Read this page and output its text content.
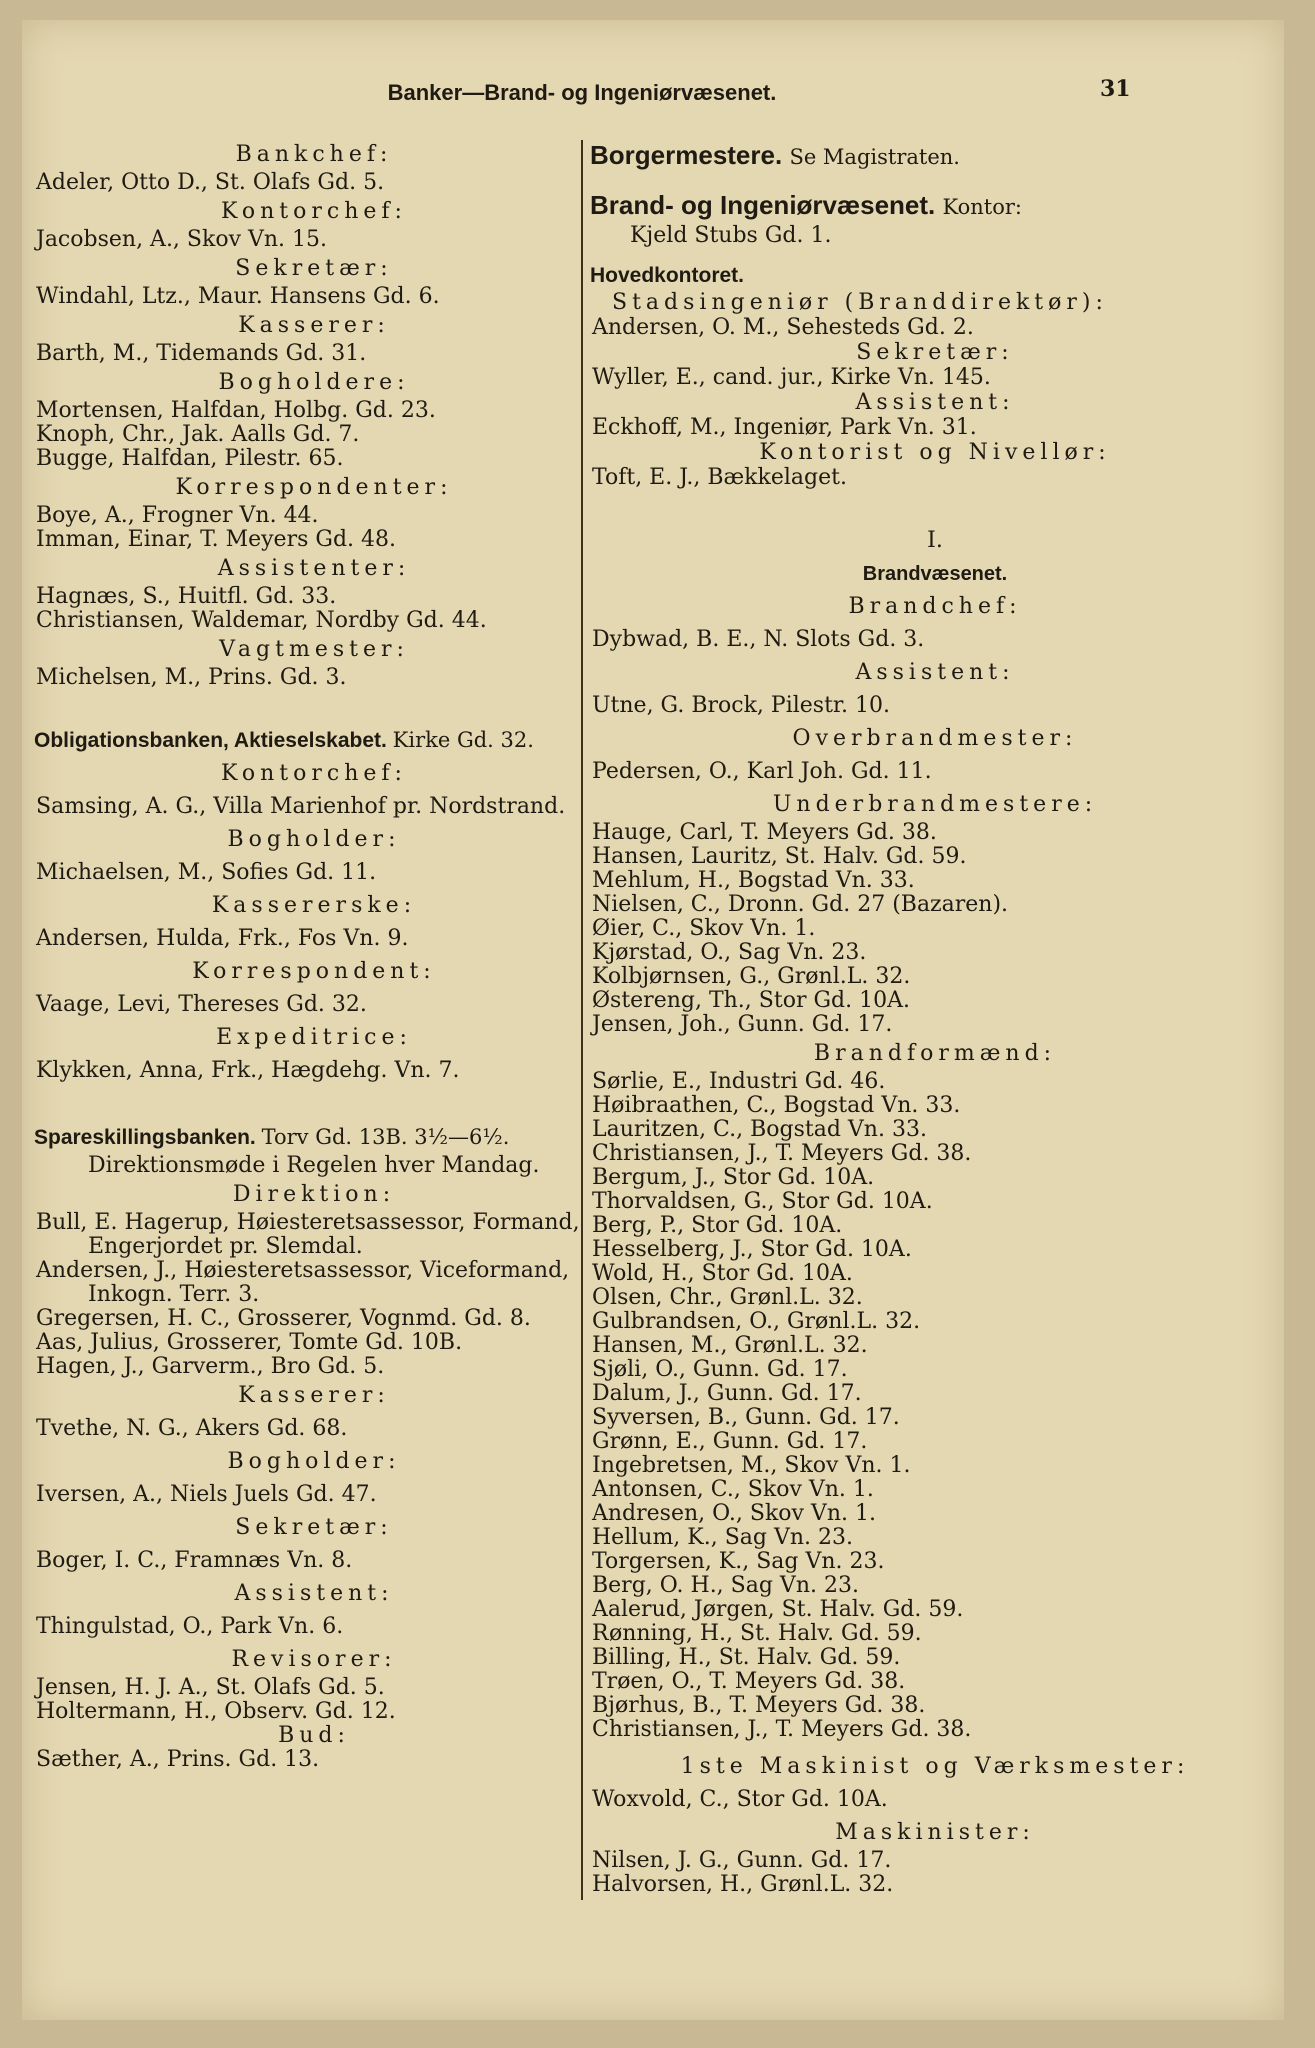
Banker—Brand- og Ingeniørvæsenet.	31
Bankchef:
Adeler, Otto D., St. Olafs Gd. 5.
Kontorchef:
Jacobsen, A., Skov Vn. 15.
Sekretær:
Windahl, Ltz., Maur. Hansens Gd. 6.
Kasserer:
Barth, M., Tidemands Gd. 31.
Bogholdere:
Mortensen, Halfdan, Holbg. Gd. 23.
Knoph, Chr., Jak. Aalls Gd. 7.
Bugge, Halfdan, Pilestr. 65.
Korrespondenter:
Boye, A., Frogner Vn. 44.
Imman, Einar, T. Meyers Gd. 48.
Assistenter:
Hagnæs, S., Huitfl. Gd. 33.
Christiansen, Waldemar, Nordby Gd. 44.
Vagtmester:
Michelsen, M., Prins. Gd. 3.
Obligationsbanken, Aktieselskabet. Kirke Gd. 32.
Kontorchef:
Samsing, A. G., Villa Marienhof pr. Nordstrand.
Bogholder:
Michaelsen, M., Sofies Gd. 11.
Kassererske:
Andersen, Hulda, Frk., Fos Vn. 9.
Korrespondent:
Vaage, Levi, Thereses Gd. 32.
Expeditrice:
Klykken, Anna, Frk., Hægdehg. Vn. 7.
Spareskillingsbanken. Torv Gd. 13B. 3½—6½.
Direktionsmøde i Regelen hver Mandag.
Direktion:
Bull, E. Hagerup, Høiesteretsassessor, Formand,
Engerjordet pr. Slemdal.
Andersen, J., Høiesteretsassessor, Viceformand,
Inkogn. Terr. 3.
Gregersen, H. C., Grosserer, Vognmd. Gd. 8.
Aas, Julius, Grosserer, Tomte Gd. 10B.
Hagen, J., Garverm., Bro Gd. 5.
Kasserer:
Tvethe, N. G., Akers Gd. 68.
Bogholder:
Iversen, A., Niels Juels Gd. 47.
Sekretær:
Boger, I. C., Framnæs Vn. 8.
Assistent:
Thingulstad, O., Park Vn. 6.
Revisorer:
Jensen, H. J. A., St. Olafs Gd. 5.
Holtermann, H., Observ. Gd. 12.
Bud:
Sæther, A., Prins. Gd. 13.
Borgermestere. Se Magistraten.
Brand- og Ingeniørvæsenet. Kontor:
Kjeld Stubs Gd. 1.
Hovedkontoret.
Stadsingeniør (Branddirektør):
Andersen, O. M., Sehesteds Gd. 2.
Sekretær:
Wyller, E., cand. jur., Kirke Vn. 145.
Assistent:
Eckhoff, M., Ingeniør, Park Vn. 31.
Kontorist og Nivellør:
Toft, E. J., Bækkelaget.
I.
Brandvæsenet.
Brandchef:
Dybwad, B. E., N. Slots Gd. 3.
Assistent:
Utne, G. Brock, Pilestr. 10.
Overbrandmester:
Pedersen, O., Karl Joh. Gd. 11.
Underbrandmestere:
Hauge, Carl, T. Meyers Gd. 38.
Hansen, Lauritz, St. Halv. Gd. 59.
Mehlum, H., Bogstad Vn. 33.
Nielsen, C., Dronn. Gd. 27 (Bazaren).
Øier, C., Skov Vn. 1.
Kjørstad, O., Sag Vn. 23.
Kolbjørnsen, G., Grønl.L. 32.
Østereng, Th., Stor Gd. 10A.
Jensen, Joh., Gunn. Gd. 17.
Brandformænd:
Sørlie, E., Industri Gd. 46.
Høibraathen, C., Bogstad Vn. 33.
Lauritzen, C., Bogstad Vn. 33.
Christiansen, J., T. Meyers Gd. 38.
Bergum, J., Stor Gd. 10A.
Thorvaldsen, G., Stor Gd. 10A.
Berg, P., Stor Gd. 10A.
Hesselberg, J., Stor Gd. 10A.
Wold, H., Stor Gd. 10A.
Olsen, Chr., Grønl.L. 32.
Gulbrandsen, O., Grønl.L. 32.
Hansen, M., Grønl.L. 32.
Sjøli, O., Gunn. Gd. 17.
Dalum, J., Gunn. Gd. 17.
Syversen, B., Gunn. Gd. 17.
Grønn, E., Gunn. Gd. 17.
Ingebretsen, M., Skov Vn. 1.
Antonsen, C., Skov Vn. 1.
Andresen, O., Skov Vn. 1.
Hellum, K., Sag Vn. 23.
Torgersen, K., Sag Vn. 23.
Berg, O. H., Sag Vn. 23.
Aalerud, Jørgen, St. Halv. Gd. 59.
Rønning, H., St. Halv. Gd. 59.
Billing, H., St. Halv. Gd. 59.
Trøen, O., T. Meyers Gd. 38.
Bjørhus, B., T. Meyers Gd. 38.
Christiansen, J., T. Meyers Gd. 38.
1ste Maskinist og Værksmester:
Woxvold, C., Stor Gd. 10A.
Maskinister:
Nilsen, J. G., Gunn. Gd. 17.
Halvorsen, H., Grønl.L. 32.
